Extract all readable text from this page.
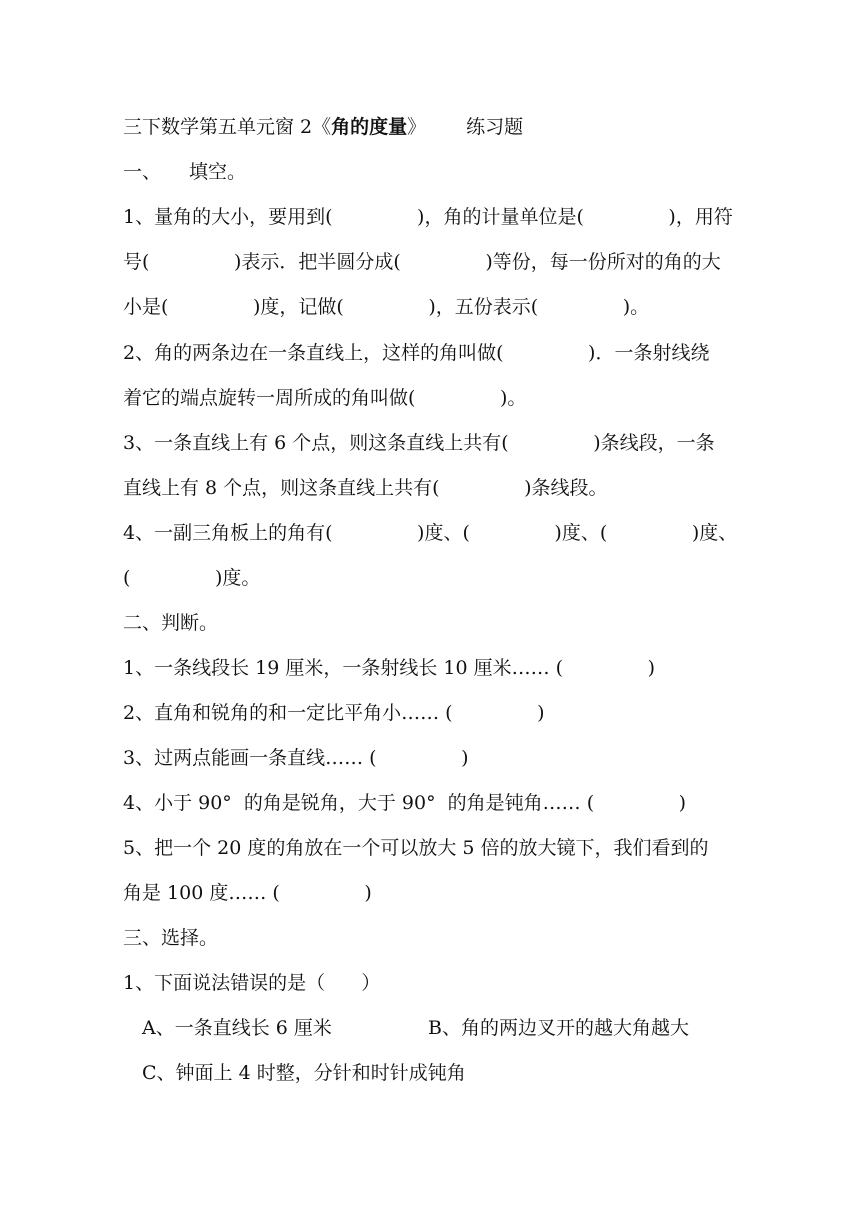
三下数学第五单元窗 2《角的度量》 练习题
一、 填空。
1、量角的大小，要用到(              )，角的计量单位是(              )，用符
号(              )表示．把半圆分成(              )等份，每一份所对的角的大
小是(              )度，记做(              )，五份表示(              )。
2、角的两条边在一条直线上，这样的角叫做(              )．一条射线绕
着它的端点旋转一周所成的角叫做(              )。
3、一条直线上有 6 个点，则这条直线上共有(              )条线段，一条
直线上有 8 个点，则这条直线上共有(              )条线段。
4、一副三角板上的角有(              )度、(              )度、(              )度、
(              )度。
二、判断。
1、一条线段长 19 厘米，一条射线长 10 厘米…… (              )
2、直角和锐角的和一定比平角小…… (              )
3、过两点能画一条直线…… (              )
4、小于 90°  的角是锐角，大于 90°  的角是钝角…… (              )
5、把一个 20 度的角放在一个可以放大 5 倍的放大镜下，我们看到的
角是 100 度…… (              )
三、选择。
1、下面说法错误的是（      ）
A、一条直线长 6 厘米	B、角的两边叉开的越大角越大
C、钟面上 4 时整，分针和时针成钝角
